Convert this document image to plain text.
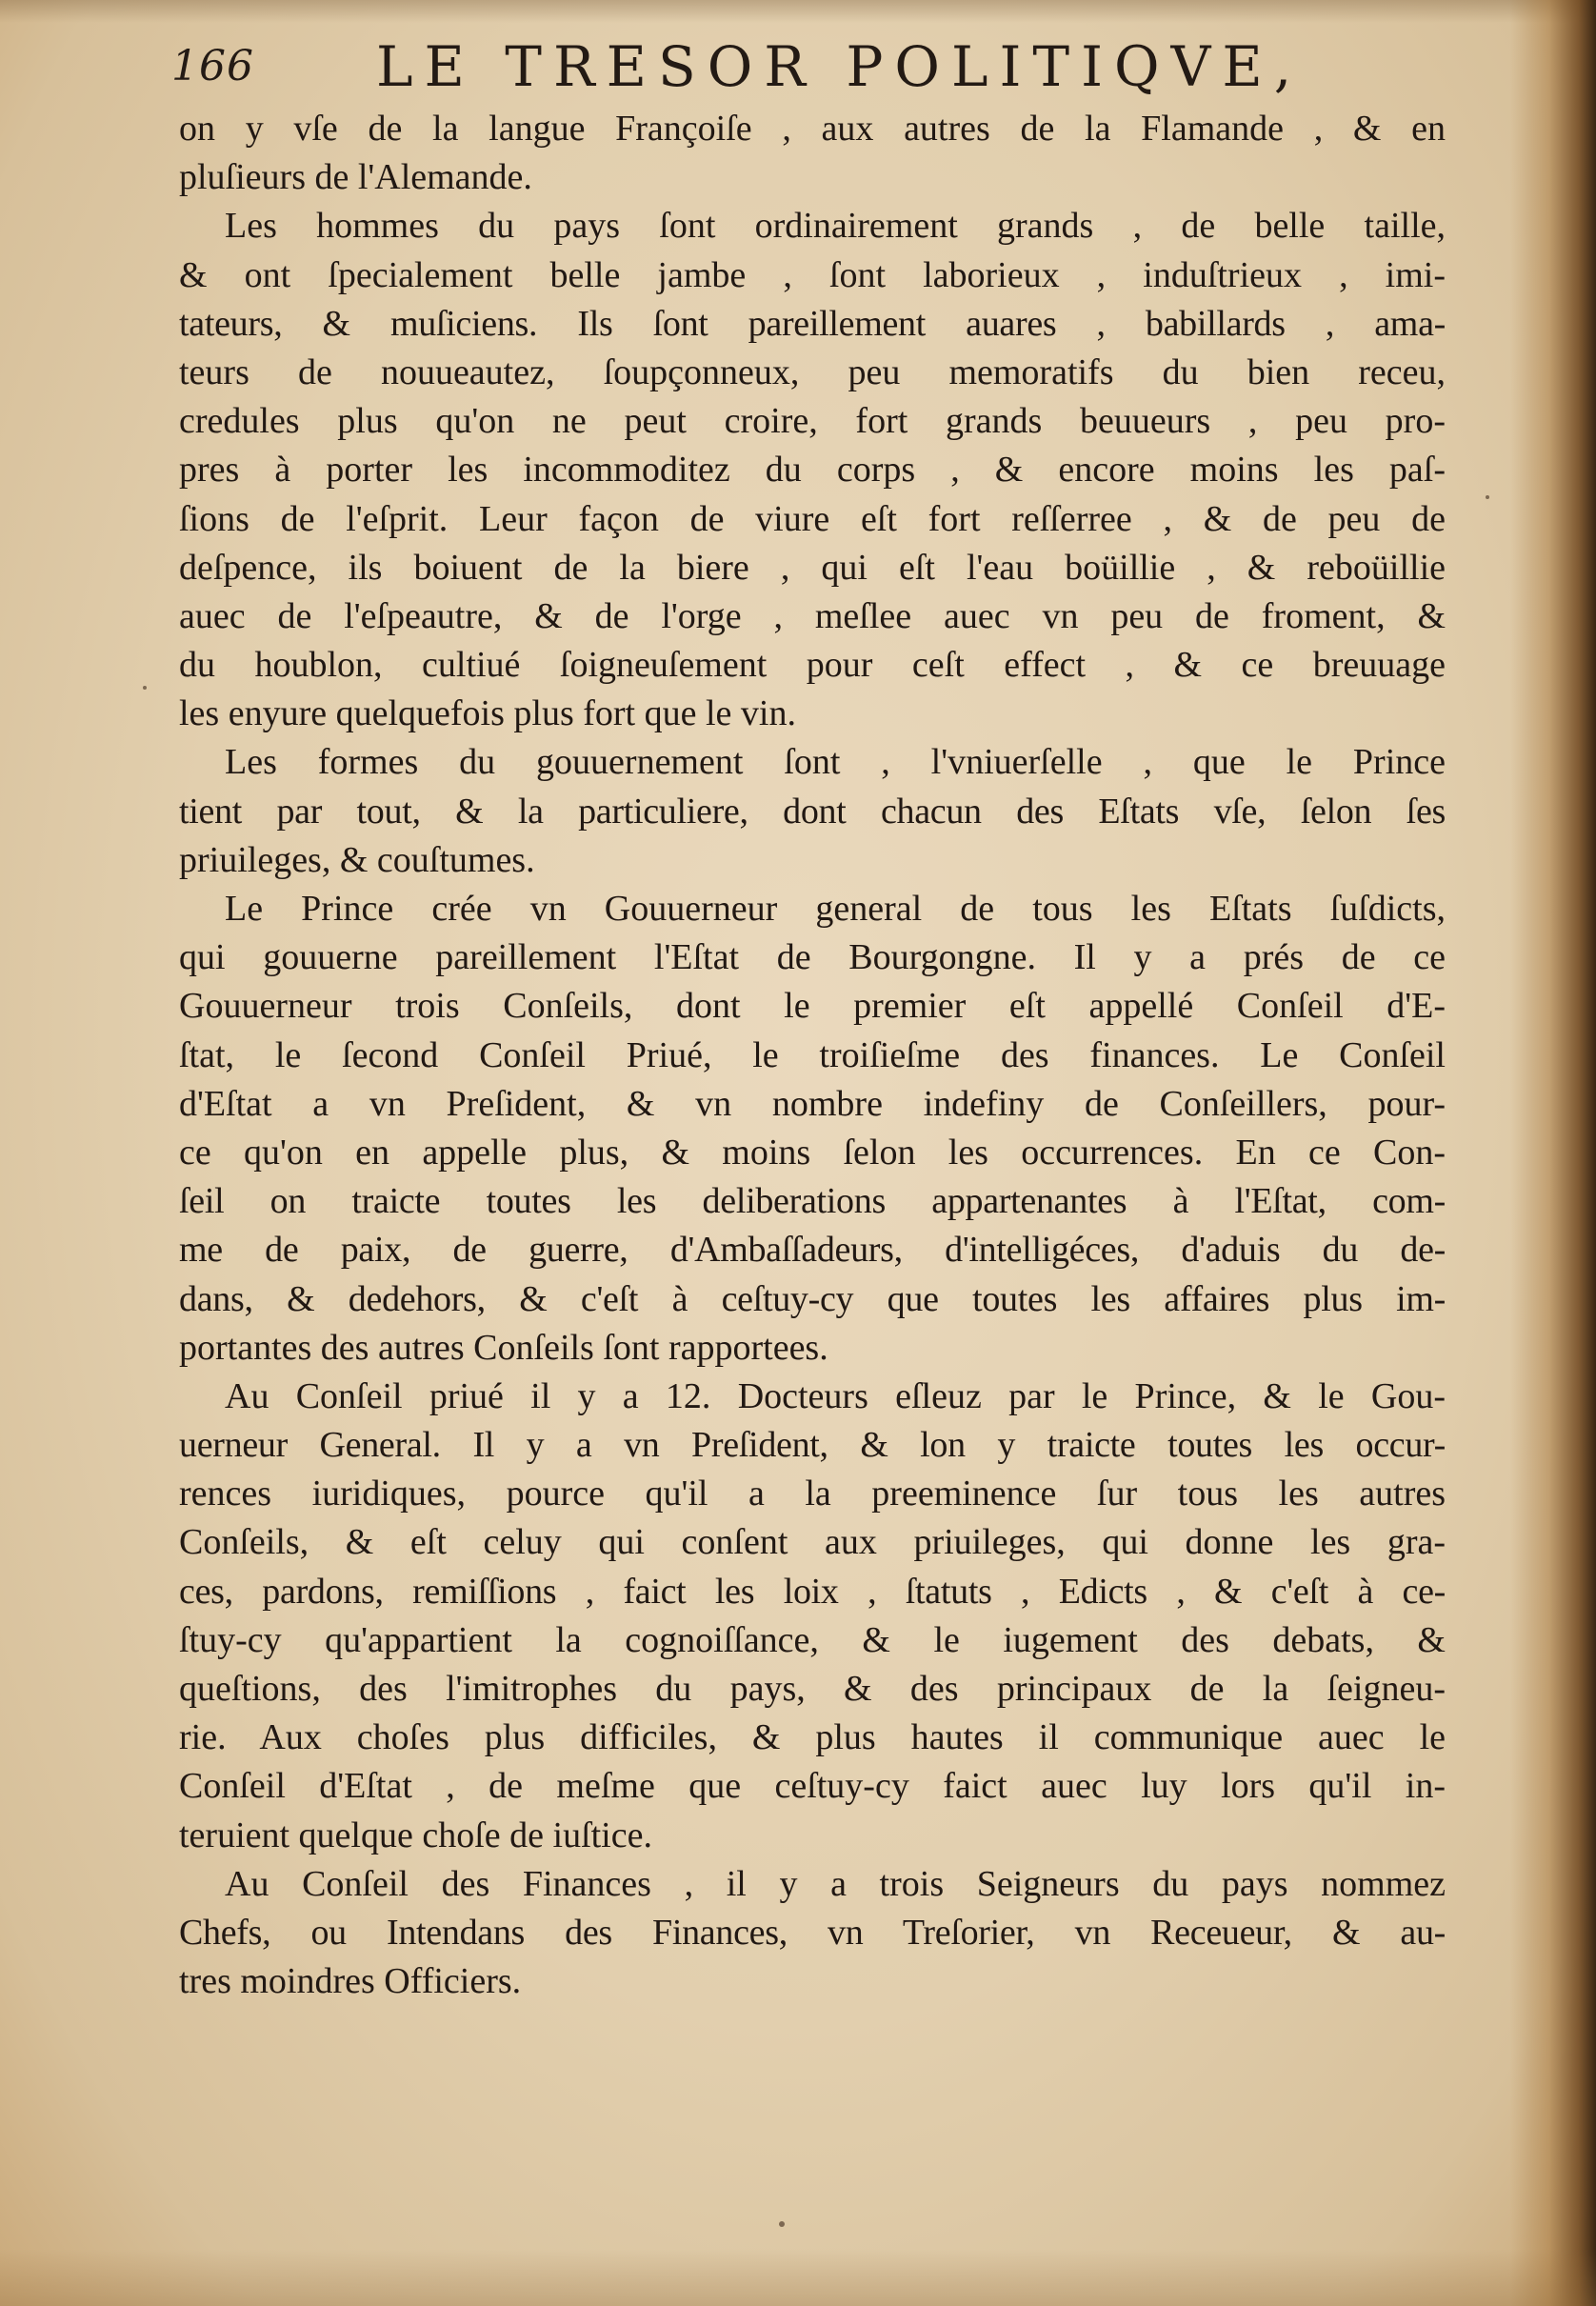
166 LE TRESOR POLITIQVE,
on y vſe de la langue Françoiſe , aux autres de la Flamande , & en
pluſieurs de l'Alemande.
Les hommes du pays ſont ordinairement grands , de belle taille,
& ont ſpecialement belle jambe , ſont laborieux , induſtrieux , imi-
tateurs, & muſiciens. Ils ſont pareillement auares , babillards , ama-
teurs de nouueautez, ſoupçonneux, peu memoratifs du bien receu,
credules plus qu'on ne peut croire, fort grands beuueurs , peu pro-
pres à porter les incommoditez du corps , & encore moins les paſ-
ſions de l'eſprit. Leur façon de viure eſt fort reſſerree , & de peu de
deſpence, ils boiuent de la biere , qui eſt l'eau boüillie , & reboüillie
auec de l'eſpeautre, & de l'orge , meſlee auec vn peu de froment, &
du houblon, cultiué ſoigneuſement pour ceſt effect , & ce breuuage
les enyure quelquefois plus fort que le vin.
Les formes du gouuernement ſont , l'vniuerſelle , que le Prince
tient par tout, & la particuliere, dont chacun des Eſtats vſe, ſelon ſes
priuileges, & couſtumes.
Le Prince crée vn Gouuerneur general de tous les Eſtats ſuſdicts,
qui gouuerne pareillement l'Eſtat de Bourgongne. Il y a prés de ce
Gouuerneur trois Conſeils, dont le premier eſt appellé Conſeil d'E-
ſtat, le ſecond Conſeil Priué, le troiſieſme des finances. Le Conſeil
d'Eſtat a vn Preſident, & vn nombre indefiny de Conſeillers, pour-
ce qu'on en appelle plus, & moins ſelon les occurrences. En ce Con-
ſeil on traicte toutes les deliberations appartenantes à l'Eſtat, com-
me de paix, de guerre, d'Ambaſſadeurs, d'intelligéces, d'aduis du de-
dans, & dedehors, & c'eſt à ceſtuy-cy que toutes les affaires plus im-
portantes des autres Conſeils ſont rapportees.
Au Conſeil priué il y a 12. Docteurs eſleuz par le Prince, & le Gou-
uerneur General. Il y a vn Preſident, & lon y traicte toutes les occur-
rences iuridiques, pource qu'il a la preeminence ſur tous les autres
Conſeils, & eſt celuy qui conſent aux priuileges, qui donne les gra-
ces, pardons, remiſſions , faict les loix , ſtatuts , Edicts , & c'eſt à ce-
ſtuy-cy qu'appartient la cognoiſſance, & le iugement des debats, &
queſtions, des l'imitrophes du pays, & des principaux de la ſeigneu-
rie. Aux choſes plus difficiles, & plus hautes il communique auec le
Conſeil d'Eſtat , de meſme que ceſtuy-cy faict auec luy lors qu'il in-
teruient quelque choſe de iuſtice.
Au Conſeil des Finances , il y a trois Seigneurs du pays nommez
Chefs, ou Intendans des Finances, vn Treſorier, vn Receueur, & au-
tres moindres Officiers.
